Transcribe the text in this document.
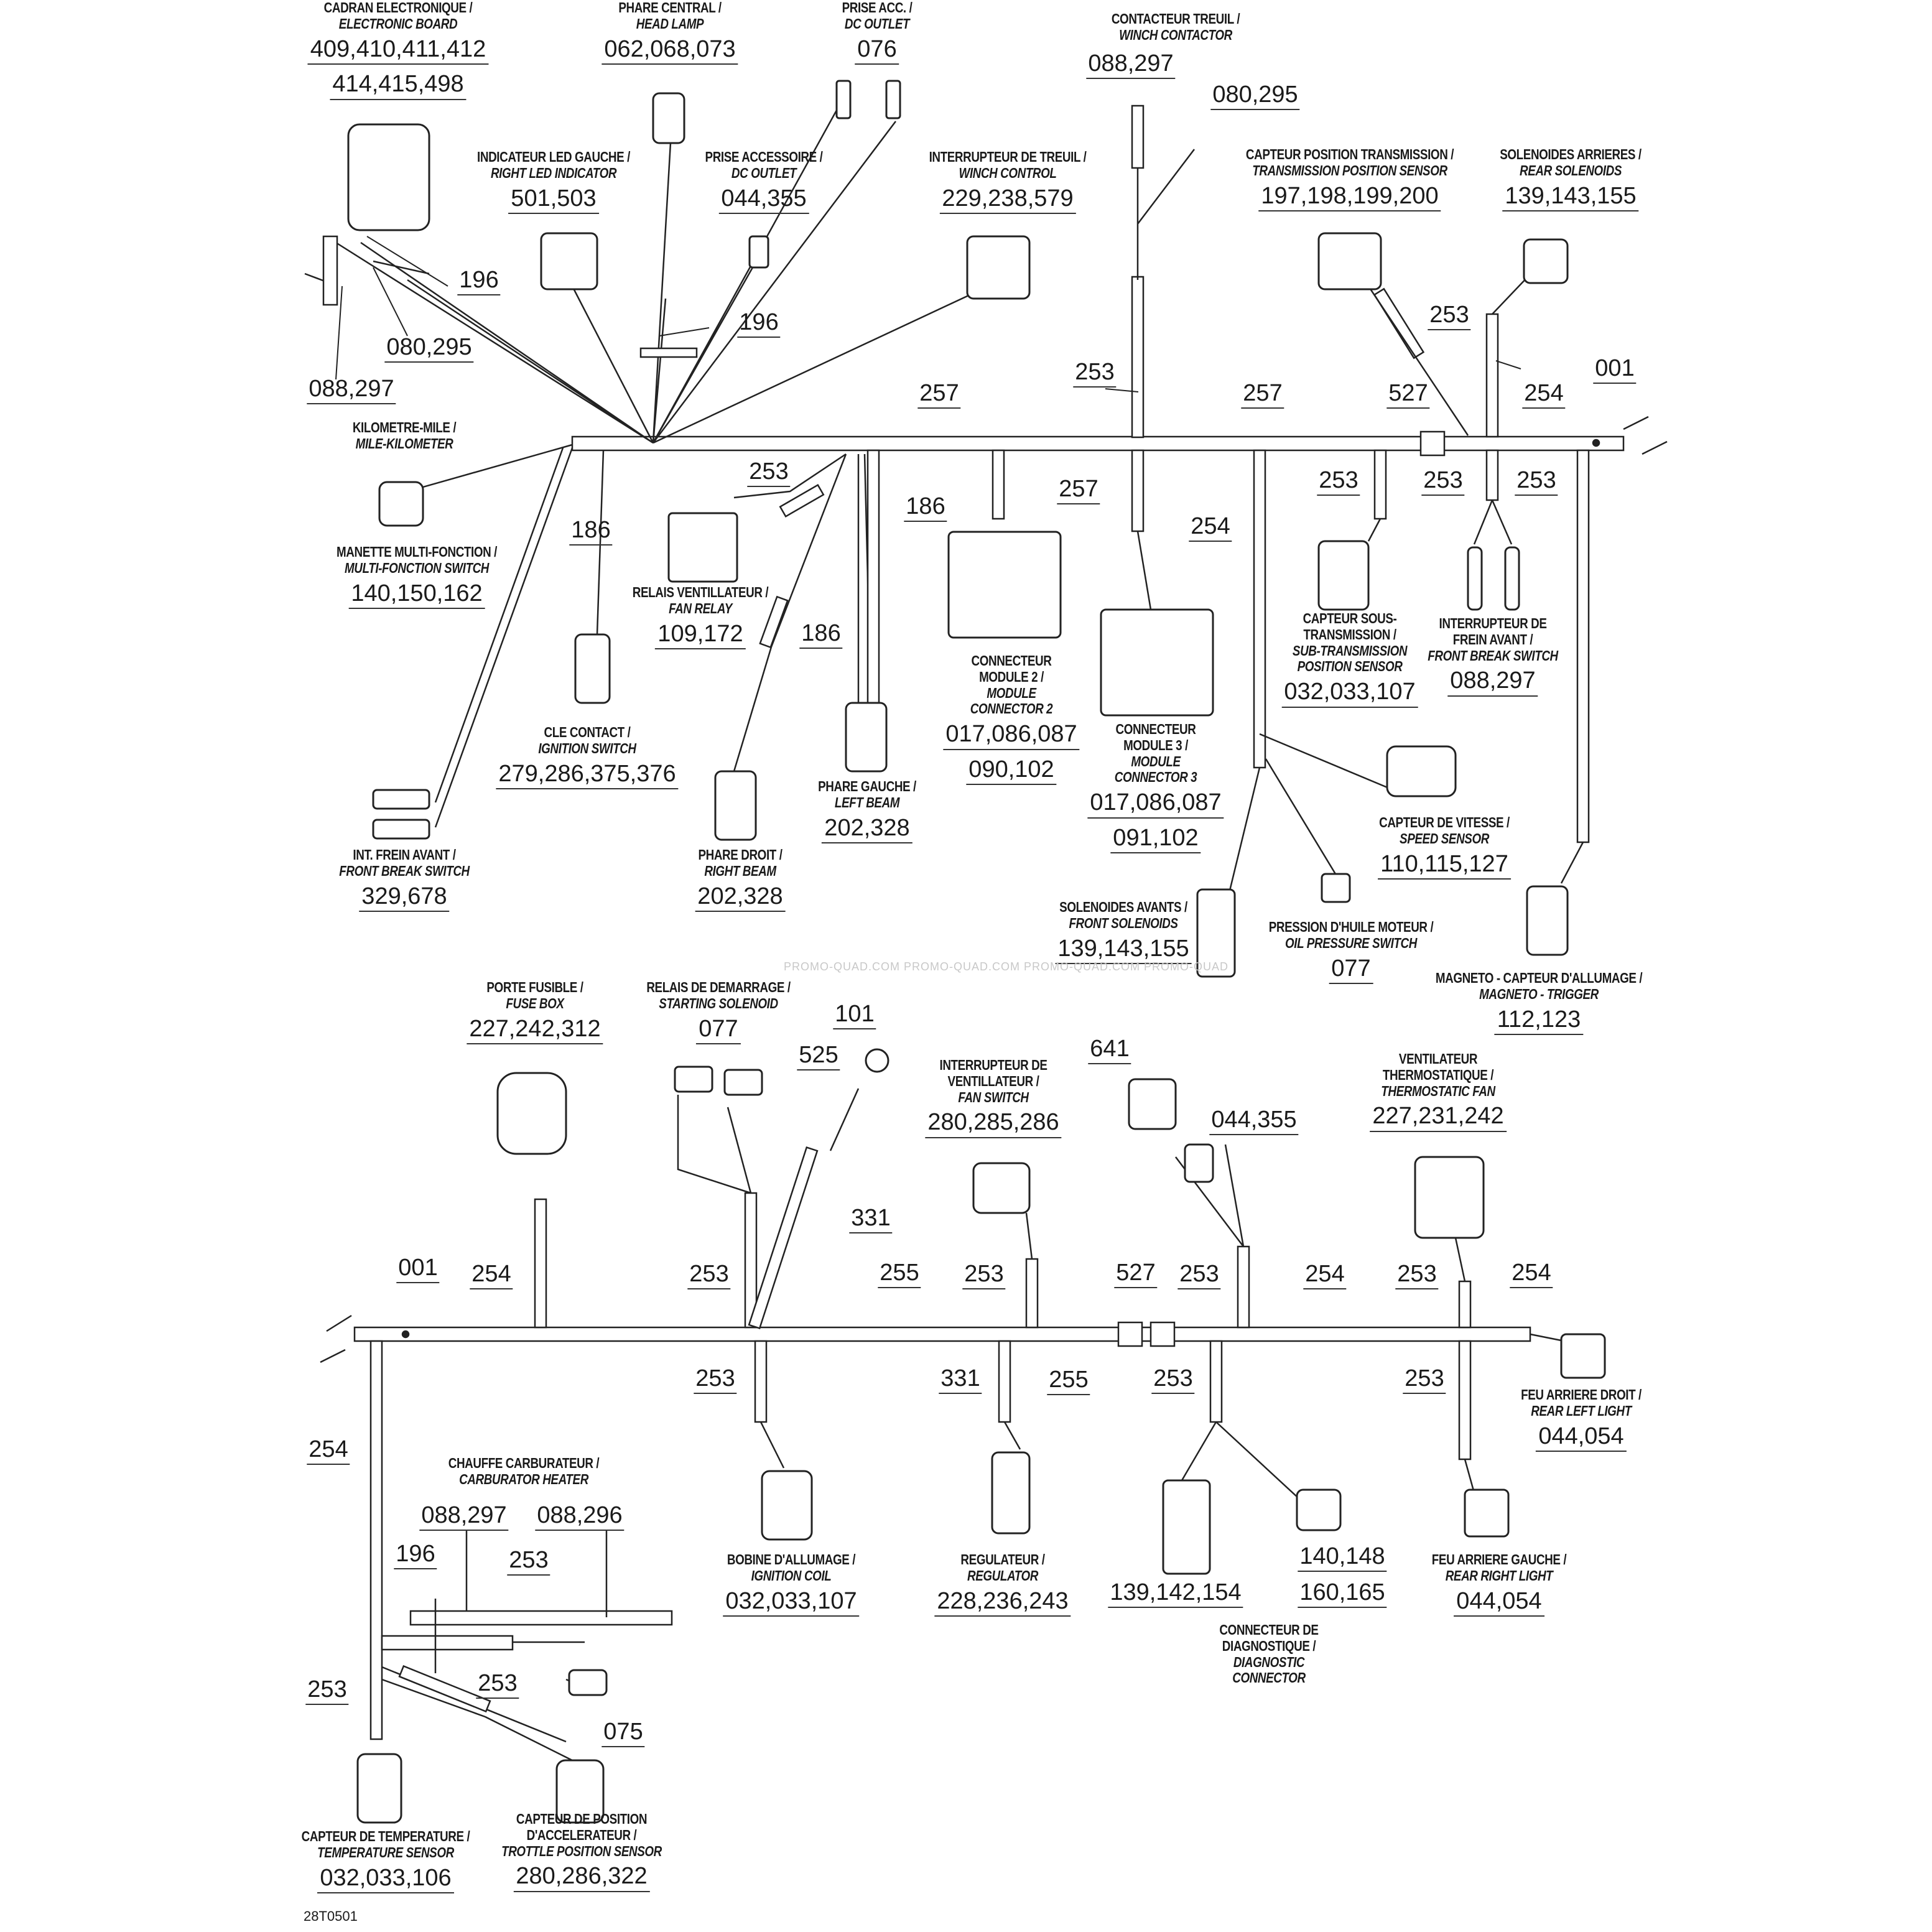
CADRAN ELECTRONIQUE /
ELECTRONIC BOARD
409,410,411,412
414,415,498
PHARE CENTRAL /
HEAD LAMP
062,068,073
PRISE ACC. /
DC OUTLET
076
CONTACTEUR TREUIL /
WINCH CONTACTOR
INDICATEUR LED GAUCHE /
RIGHT LED INDICATOR
501,503
PRISE ACCESSOIRE /
DC OUTLET
044,355
INTERRUPTEUR DE TREUIL /
WINCH CONTROL
229,238,579
CAPTEUR POSITION TRANSMISSION /
TRANSMISSION POSITION SENSOR
197,198,199,200
SOLENOIDES ARRIERES /
REAR SOLENOIDS
139,143,155
KILOMETRE-MILE /
MILE-KILOMETER
MANETTE MULTI-FONCTION /
MULTI-FONCTION SWITCH
140,150,162	RELAIS VENTILLATEUR /
FAN RELAY
109,172
CLE CONTACT /
IGNITION SWITCH
279,286,375,376
CONNECTEUR
MODULE 2 /
MODULE
CONNECTOR 2
017,086,087
090,102
CONNECTEUR
MODULE 3 /
MODULE
CONNECTOR 3
017,086,087
091,102
CAPTEUR SOUS-
TRANSMISSION /
SUB-TRANSMISSION
POSITION SENSOR
032,033,107
INTERRUPTEUR DE
FREIN AVANT /
FRONT BREAK SWITCH
088,297
PHARE GAUCHE /
LEFT BEAM
202,328
PHARE DROIT /
RIGHT BEAM
202,328
INT. FREIN AVANT /
FRONT BREAK SWITCH
329,678
CAPTEUR DE VITESSE /
SPEED SENSOR
110,115,127
SOLENOIDES AVANTS /
FRONT SOLENOIDS
139,143,155
PRESSION D'HUILE MOTEUR /
OIL PRESSURE SWITCH
077	MAGNETO - CAPTEUR D'ALLUMAGE /
MAGNETO - TRIGGER
112,123
PORTE FUSIBLE /
FUSE BOX
227,242,312
RELAIS DE DEMARRAGE /
STARTING SOLENOID
077
INTERRUPTEUR DE
VENTILLATEUR /
FAN SWITCH
280,285,286
VENTILATEUR
THERMOSTATIQUE /
THERMOSTATIC FAN
227,231,242
FEU ARRIERE DROIT /
REAR LEFT LIGHT
044,054
CHAUFFE CARBURATEUR /
CARBURATOR HEATER
BOBINE D'ALLUMAGE /
IGNITION COIL
032,033,107
REGULATEUR /
REGULATOR
228,236,243
CONNECTEUR DE
DIAGNOSTIQUE /
DIAGNOSTIC
CONNECTOR
FEU ARRIERE GAUCHE /
REAR RIGHT LIGHT
044,054
CAPTEUR DE TEMPERATURE /
TEMPERATURE SENSOR
032,033,106
CAPTEUR DE POSITION
D'ACCELERATEUR /
TROTTLE POSITION SENSOR
280,286,322
196
080,295
088,297
196
088,297
080,295
257
253
257	527
253
254
001
186
253
186
186
257
254
253	253 253
101
525
331
641
044,355
001 254	253	255 253	527 253	254 253	254
253	331	255	253	253
254
088,297 088,296
196	253
253	253
075
140,148
160,165
139,142,154
PROMO-QUAD.COM PROMO-QUAD.COM PROMO-QUAD.COM PROMO-QUAD
28T0501
